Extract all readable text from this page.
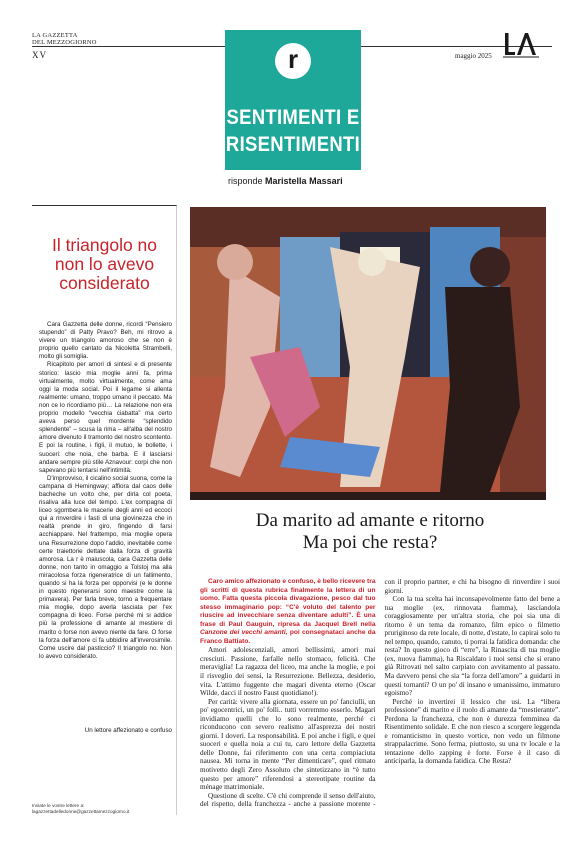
LA GAZZETTA
DEL MEZZOGIORNO
XV	maggio 2025
r
SENTIMENTI E
RISENTIMENTI
risponde Maristella Massari
Il triangolo no
non lo avevo
considerato

Cara Gazzetta delle donne, ricordi “Pensiero stupendo” di Patty Pravo? Beh, mi ritrovo a vivere un triangolo amoroso che se non è proprio quello cantato da Nicoletta Strambelli, molto gli somiglia.

Ricapitolo per amori di sintesi e di presente storico: lascio mia moglie anni fa, prima virtualmente, molto virtualmente, come ama oggi la moda social. Poi il legame si allenta realmente: umano, troppo umano il peccato. Ma non ce lo ricordiamo più… La relazione non era proprio modello “vecchia ciabatta” ma certo aveva perso quel mordente “splendido splendente” – scusa la rima – all'alba del nostro amore divenuto il tramonto del nostro scontento. E poi la routine, i figli, il mutuo, le bollette, i suoceri: che noia, che barba. E il lasciarsi andare sempre più stile Aznavour: corpi che non sapevano più tentarsi nell'intimità.

D'improvviso, il cicalino social suona, come la campana di Hemingway; affiora dal caos delle bacheche un volto che, per dirla col poeta, risaliva alla luce del tempo. L'ex compagna di liceo sgombera le macerie degli anni ed eccoci qui a rinverdire i fasti di una giovinezza che in realtà prende in giro, fingendo di farsi acchiappare. Nel frattempo, mia moglie opera una Resurrezione dopo l'addio, inevitabile come certe traiettorie dettate dalla forza di gravità amorosa. La r è maiuscola, cara Gazzetta delle donne, non tanto in omaggio a Tolstoj ma alla miracolosa forza rigeneratrice di un fallimento, quando si ha la forza per opporvisi (e le donne in questo rigenerarsi sono maestre come la primavera). Per farla breve, torno a frequentare mia moglie, dopo averla lasciata per l'ex compagna di liceo. Forse perché mi si addice più la professione di amante al mestiere di marito o forse non avevo niente da fare. O forse la forza dell'amore ci fa ubbidire all'inverosimile. Come uscire dal pasticcio? Il triangolo no. Non lo avevo considerato.

Un lettore affezionato e confuso
Inviate le vostre lettere a:
lagazzettadelledonne@gazzettamezzogiorno.it
Da marito ad amante e ritorno
Ma poi che resta?

Caro amico affezionato e confuso, è bello ricevere tra gli scritti di questa rubrica finalmente la lettera di un uomo. Fatta questa piccola divagazione, pesco dal tuo stesso immaginario pop: “C'è voluto del talento per riuscire ad invecchiare senza diventare adulti”. È una frase di Paul Gauguin, ripresa da Jacquel Brell nella Canzone dei vecchi amanti, poi consegnataci anche da Franco Battiato.

Amori adolescenziali, amori bellissimi, amori mai cresciuti. Passione, farfalle nello stomaco, felicità. Che meraviglia! La ragazza del liceo, ma anche la moglie, e poi il risveglio dei sensi, la Resurrezione. Bellezza, desiderio, vita. L'attimo fuggente che magari diventa eterno (Oscar Wilde, dacci il nostro Faust quotidiano!).

Per carità: vivere alla giornata, essere un po' fanciulli, un po' egocentrici, un po' folli.. tutti vorremmo esserlo. Magari invidiamo quelli che lo sono realmente, perché ci riconducono con severo realismo all'asprezza dei nostri giorni. I doveri. La responsabilità. E poi anche i figli, e quei suoceri e quella noia a cui tu, caro lettore della Gazzetta delle Donne, fai riferimento con una certa compiaciuta nausea. Mi torna in mente “Per dimenticare”, quel ritmato motivetto degli Zero Assoluto che sintetizzano in “è tutto questo per amore” riferendosi a stereotipate routine da ménage matrimoniale.

Questione di scelte. C'è chi comprende il senso dell'aiuto, del rispetto, della franchezza - anche a passione morente - con il proprio partner, e chi ha bisogno di rinverdire i suoi giorni.

Con la tua scelta hai inconsapevolmente fatto del bene a tua moglie (ex, rinnovata fiamma), lasciandola coraggiosamente per un'altra storia, che poi sia una di ritorno è un tema da romanzo, film epico o filmetto pruriginoso da rete locale, di notte, d'estate, lo capirai solo tu nel tempo, quando, canuto, ti porrai la fatidica domanda: che resta? In questo gioco di “erre”, la Rinascita di tua moglie (ex, nuova fiamma), ha Riscaldato i tuoi sensi che si erano già Ritrovati nel salto carpiato con avvitamento al passato. Ma davvero pensi che sia “la forza dell'amore” a guidarti in questi tornanti? O un po' di insano e umanissimo, immaturo egoismo?

Perché io invertirei il lessico che usi. La “libera professione” di marito e il ruolo di amante da “mestierante”. Perdona la franchezza, che non è durezza femminea da Risentimento solidale. E che non riesco a scorgere leggenda e romanticismo in questo vortice, non vedo un filmone strappalacrime. Sono ferma, piuttosto, su una tv locale e la tentazione dello zapping è forte. Forse è il caso di anticiparla, la domanda fatidica. Che Resta?
